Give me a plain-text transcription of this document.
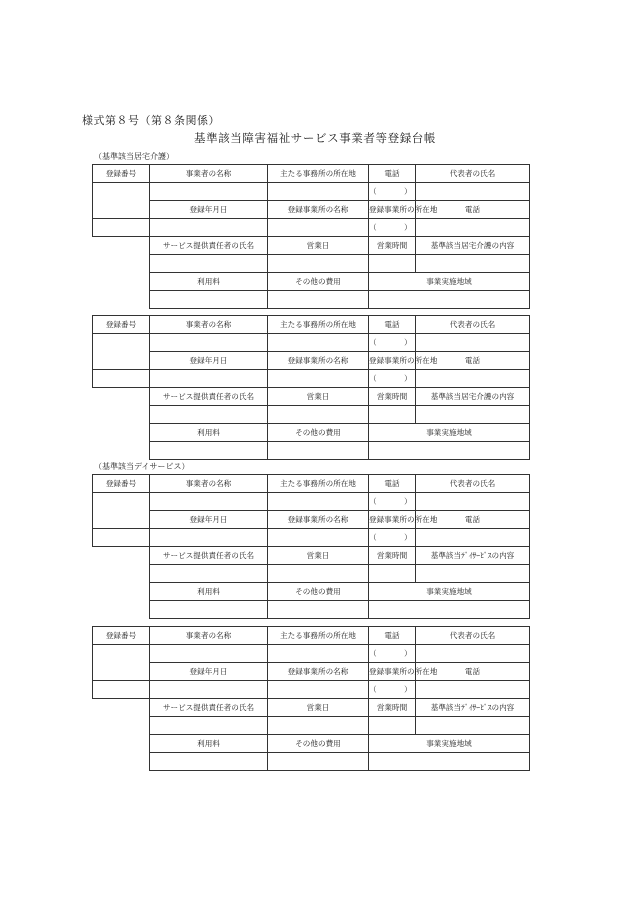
様式第８号（第８条関係）
基準該当障害福祉サービス事業者等登録台帳
（基準該当居宅介護）
登録番号	事業者の名称	主たる事務所の所在地	電話	代表者の氏名	
			（　）		
	登録年月日	登録事業所の名称	登録事業所の所在地	電話	
			（　）		
	サービス提供責任者の氏名	営業日	営業時間	基準該当居宅介護の内容	

	利用料	その他の費用	事業実施地域		

登録番号	事業者の名称	主たる事務所の所在地	電話	代表者の氏名	
			（　）		
	登録年月日	登録事業所の名称	登録事業所の所在地	電話	
			（　）		
	サービス提供責任者の氏名	営業日	営業時間	基準該当居宅介護の内容	

	利用料	その他の費用	事業実施地域		

（基準該当デイサービス）
登録番号	事業者の名称	主たる事務所の所在地	電話	代表者の氏名	
			（　）		
	登録年月日	登録事業所の名称	登録事業所の所在地	電話	
			（　）		
	サービス提供責任者の氏名	営業日	営業時間	基準該当ﾃﾞｲｻｰﾋﾞｽの内容	

	利用料	その他の費用	事業実施地域		

登録番号	事業者の名称	主たる事務所の所在地	電話	代表者の氏名	
			（　）		
	登録年月日	登録事業所の名称	登録事業所の所在地	電話	
			（　）		
	サービス提供責任者の氏名	営業日	営業時間	基準該当ﾃﾞｲｻｰﾋﾞｽの内容	

	利用料	その他の費用	事業実施地域		
